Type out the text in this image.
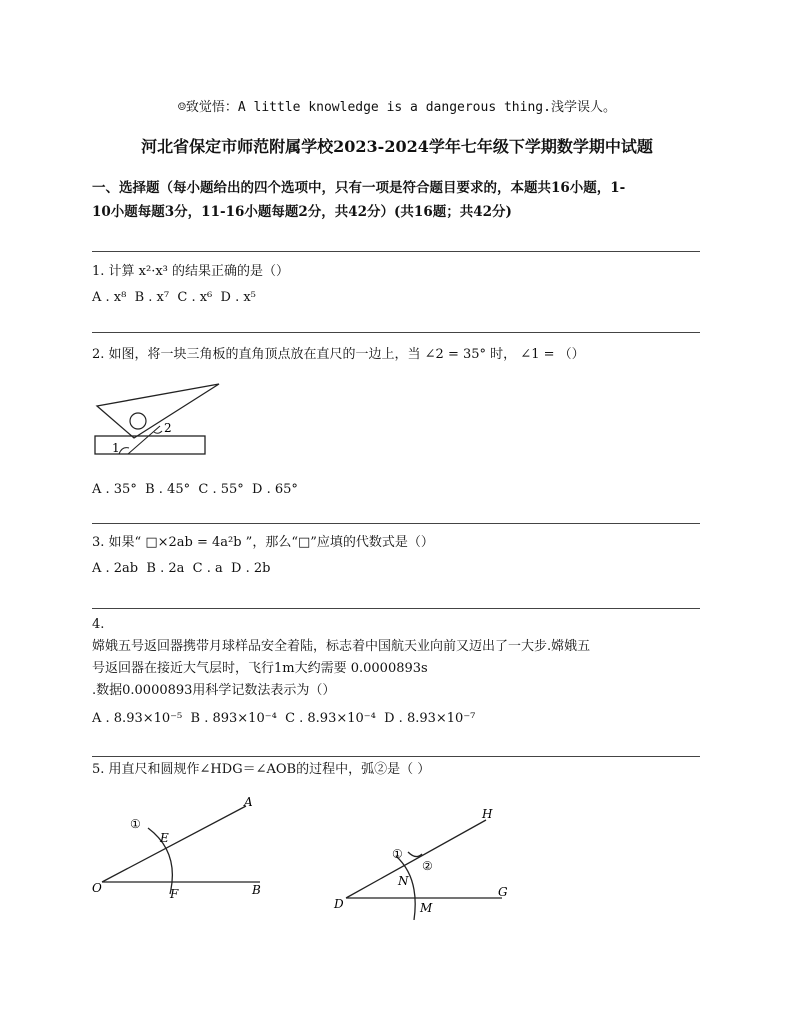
☺致觉悟：A little knowledge is a dangerous thing.浅学误人。
河北省保定市师范附属学校2023-2024学年七年级下学期数学期中试题
一、选择题（每小题给出的四个选项中，只有一项是符合题目要求的，本题共16小题，1-
10小题每题3分，11-16小题每题2分，共42分）(共16题；共42分)
1. 计算 x²·x³ 的结果正确的是（）
A . x⁸ B . x⁷ C . x⁶ D . x⁵
2. 如图，将一块三角板的直角顶点放在直尺的一边上，当 ∠2 = 35° 时， ∠1 = （）
1
2
A . 35° B . 45° C . 55° D . 65°
3. 如果“ □×2ab = 4a²b ”，那么“□”应填的代数式是（）
A . 2ab B . 2a C . a D . 2b
4.
嫦娥五号返回器携带月球样品安全着陆，标志着中国航天业向前又迈出了一大步.嫦娥五
号返回器在接近大气层时，飞行1m大约需要 0.0000893s
.数据0.0000893用科学记数法表示为（）
A . 8.93×10⁻⁵ B . 893×10⁻⁴ C . 8.93×10⁻⁴ D . 8.93×10⁻⁷
5. 用直尺和圆规作∠HDG＝∠AOB的过程中，弧②是（ ）
①
E
A
O	F	B
H
①
②
N
D	M
G
